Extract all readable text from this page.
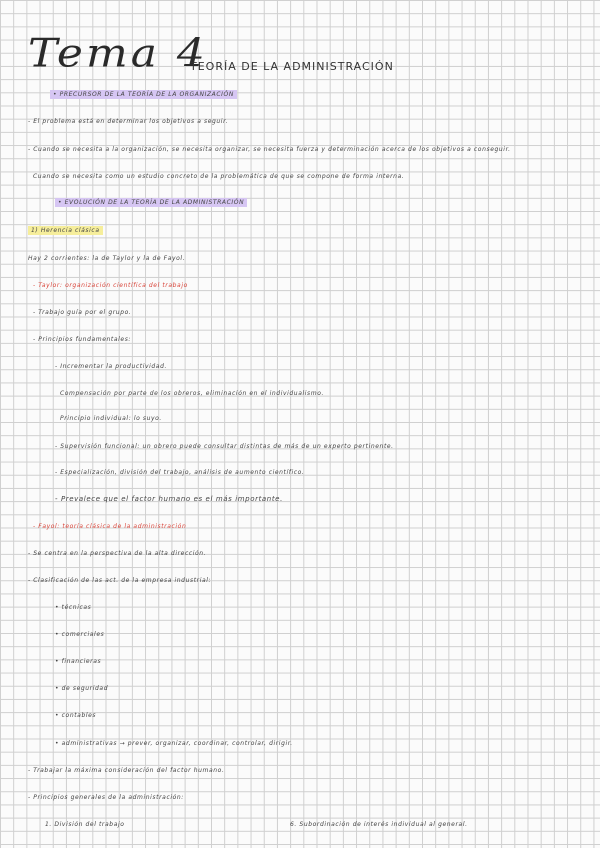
Tema 4
TEORÍA DE LA ADMINISTRACIÓN
• PRECURSOR DE LA TEORÍA DE LA ORGANIZACIÓN
- El problema está en determinar los objetivos a seguir.
- Cuando se necesita a la organización, se necesita organizar, se necesita fuerza y determinación acerca de los objetivos a conseguir.
Cuando se necesita como un estudio concreto de la problemática de que se compone de forma interna.
• EVOLUCIÓN DE LA TEORÍA DE LA ADMINISTRACIÓN
1) Herencia clásica
Hay 2 corrientes: la de Taylor y la de Fayol.
- Taylor: organización científica del trabajo
- Trabajo guía por el grupo.
- Principios fundamentales:
- Incrementar la productividad.
Compensación por parte de los obreros, eliminación en el individualismo.
Principio individual: lo suyo.
- Supervisión funcional: un obrero puede consultar distintas de más de un experto pertinente.
- Especialización, división del trabajo, análisis de aumento científico.
- Prevalece que el factor humano es el más importante.
- Fayol: teoría clásica de la administración
- Se centra en la perspectiva de la alta dirección.
- Clasificación de las act. de la empresa industrial:
• técnicas
• comerciales
• financieras
• de seguridad
• contables
• administrativas → prever, organizar, coordinar, controlar, dirigir.
- Trabajar la máxima consideración del factor humano.
- Principios generales de la administración:
1. División del trabajo	6. Subordinación de interés individual al general.
